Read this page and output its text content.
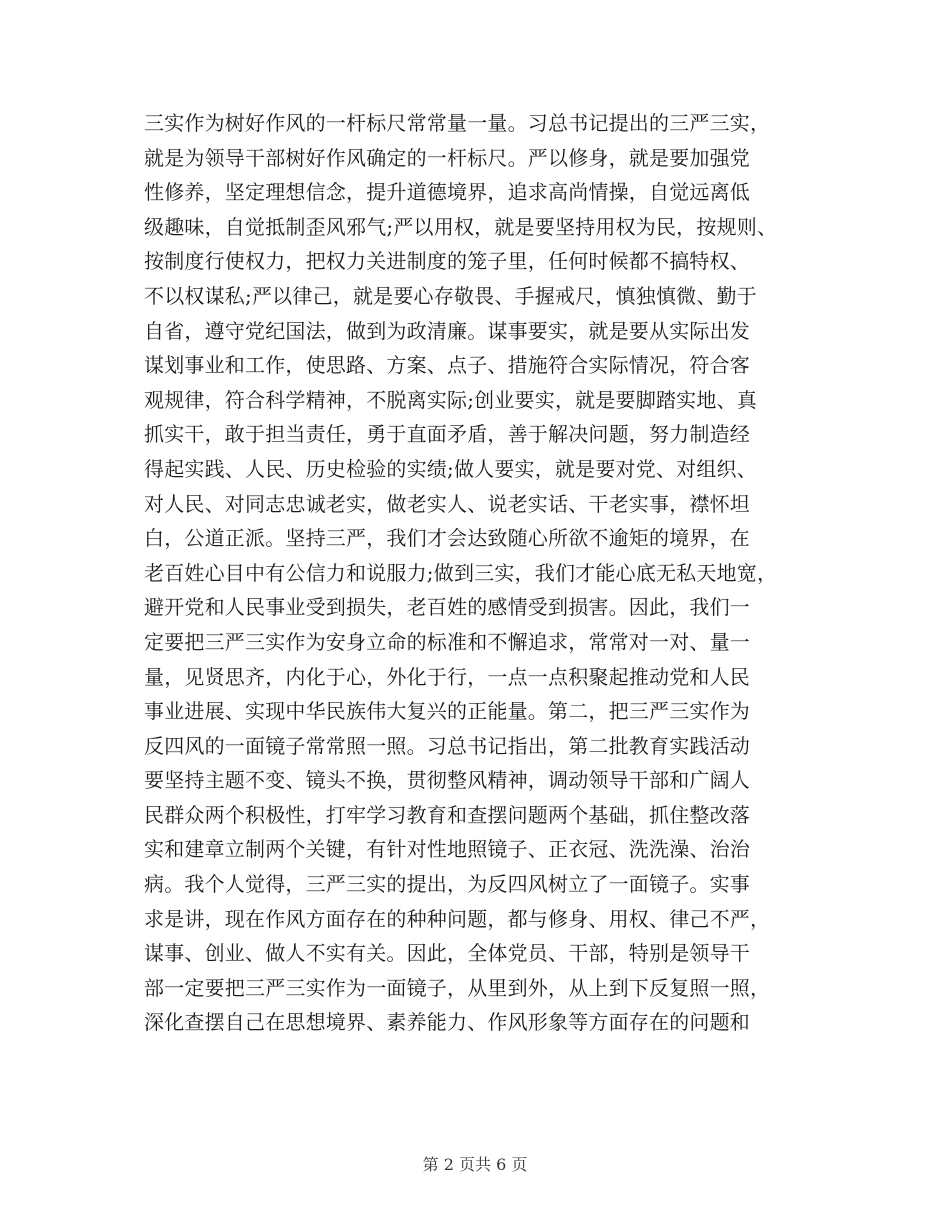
三实作为树好作风的一杆标尺常常量一量。习总书记提出的三严三实，
就是为领导干部树好作风确定的一杆标尺。严以修身，就是要加强党
性修养，坚定理想信念，提升道德境界，追求高尚情操，自觉远离低
级趣味，自觉抵制歪风邪气;严以用权，就是要坚持用权为民，按规则、
按制度行使权力，把权力关进制度的笼子里，任何时候都不搞特权、
不以权谋私;严以律己，就是要心存敬畏、手握戒尺，慎独慎微、勤于
自省，遵守党纪国法，做到为政清廉。谋事要实，就是要从实际出发
谋划事业和工作，使思路、方案、点子、措施符合实际情况，符合客
观规律，符合科学精神，不脱离实际;创业要实，就是要脚踏实地、真
抓实干，敢于担当责任，勇于直面矛盾，善于解决问题，努力制造经
得起实践、人民、历史检验的实绩;做人要实，就是要对党、对组织、
对人民、对同志忠诚老实，做老实人、说老实话、干老实事，襟怀坦
白，公道正派。坚持三严，我们才会达致随心所欲不逾矩的境界，在
老百姓心目中有公信力和说服力;做到三实，我们才能心底无私天地宽，
避开党和人民事业受到损失，老百姓的感情受到损害。因此，我们一
定要把三严三实作为安身立命的标准和不懈追求，常常对一对、量一
量，见贤思齐，内化于心，外化于行，一点一点积聚起推动党和人民
事业进展、实现中华民族伟大复兴的正能量。第二，把三严三实作为
反四风的一面镜子常常照一照。习总书记指出，第二批教育实践活动
要坚持主题不变、镜头不换，贯彻整风精神，调动领导干部和广阔人
民群众两个积极性，打牢学习教育和查摆问题两个基础，抓住整改落
实和建章立制两个关键，有针对性地照镜子、正衣冠、洗洗澡、治治
病。我个人觉得，三严三实的提出，为反四风树立了一面镜子。实事
求是讲，现在作风方面存在的种种问题，都与修身、用权、律己不严，
谋事、创业、做人不实有关。因此，全体党员、干部，特别是领导干
部一定要把三严三实作为一面镜子，从里到外，从上到下反复照一照，
深化查摆自己在思想境界、素养能力、作风形象等方面存在的问题和
第 2 页共 6 页
